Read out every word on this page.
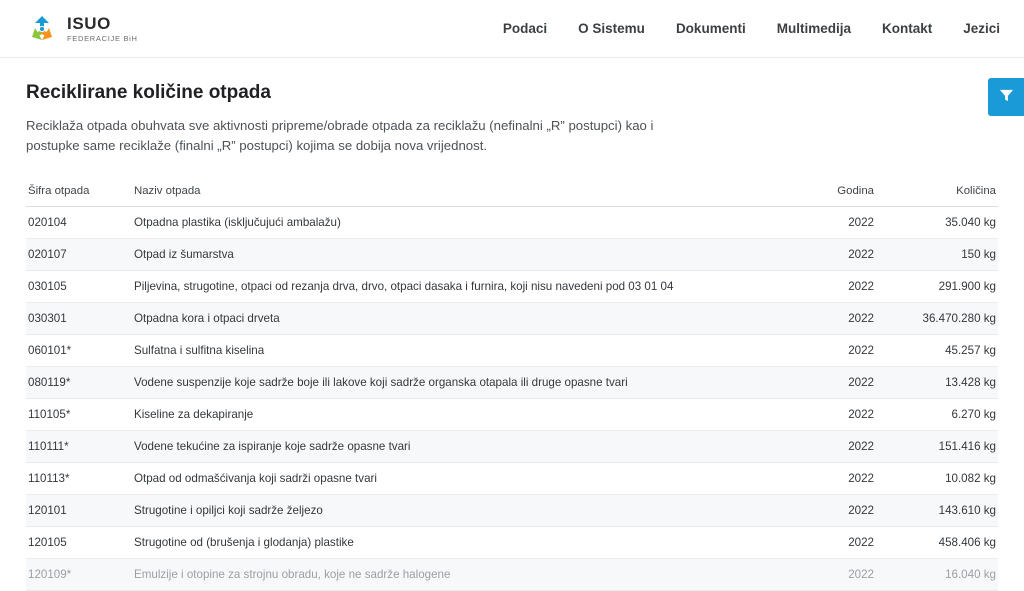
ISUO
FEDERACIJE BiH
Podaci O Sistemu Dokumenti Multimedija Kontakt Jezici
Reciklirane količine otpada

Reciklaža otpada obuhvata sve aktivnosti pripreme/obrade otpada za reciklažu (nefinalni „R” postupci) kao i postupke same reciklaže (finalni „R” postupci) kojima se dobija nova vrijednost.

Šifra otpada	Naziv otpada	Godina	Količina
020104	Otpadna plastika (isključujući ambalažu)	2022	35.040 kg
020107	Otpad iz šumarstva	2022	150 kg
030105	Piljevina, strugotine, otpaci od rezanja drva, drvo, otpaci dasaka i furnira, koji nisu navedeni pod 03 01 04	2022	291.900 kg
030301	Otpadna kora i otpaci drveta	2022	36.470.280 kg
060101*	Sulfatna i sulfitna kiselina	2022	45.257 kg
080119*	Vodene suspenzije koje sadrže boje ili lakove koji sadrže organska otapala ili druge opasne tvari	2022	13.428 kg
110105*	Kiseline za dekapiranje	2022	6.270 kg
110111*	Vodene tekućine za ispiranje koje sadrže opasne tvari	2022	151.416 kg
110113*	Otpad od odmašćivanja koji sadrži opasne tvari	2022	10.082 kg
120101	Strugotine i opiljci koji sadrže željezo	2022	143.610 kg
120105	Strugotine od (brušenja i glodanja) plastike	2022	458.406 kg
120109*	Emulzije i otopine za strojnu obradu, koje ne sadrže halogene	2022	16.040 kg
